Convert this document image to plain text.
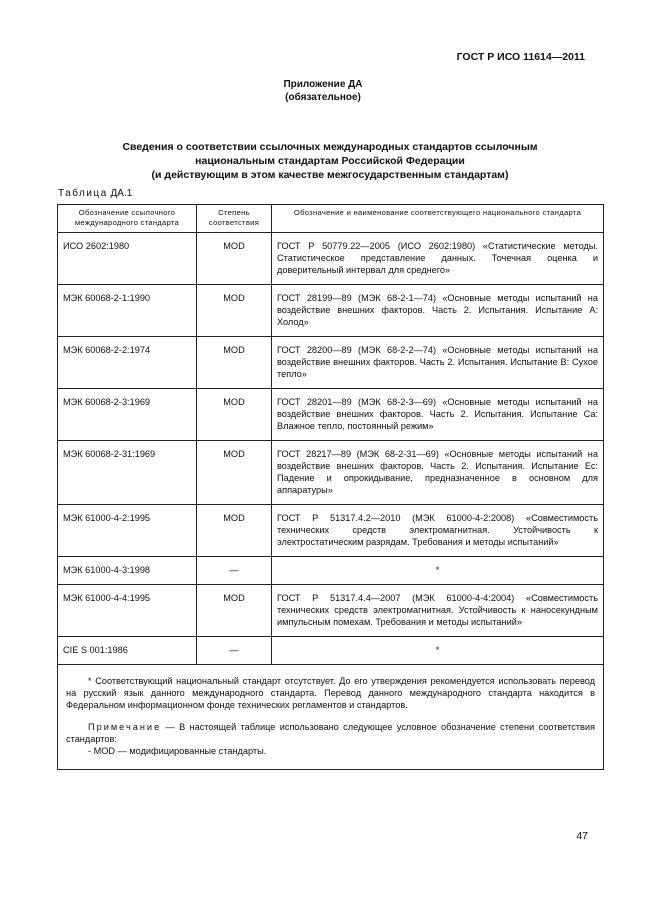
ГОСТ Р ИСО 11614—2011
Приложение ДА
(обязательное)
Сведения о соответствии ссылочных международных стандартов ссылочным
национальным стандартам Российской Федерации
(и действующим в этом качестве межгосударственным стандартам)
Таблица ДА.1
Обозначение ссылочного международного стандарта	Степень соответствия	Обозначение и наименование соответствующего национального стандарта
ИСО 2602:1980	MOD	ГОСТ Р 50779.22—2005 (ИСО 2602:1980) «Статистические методы. Статистическое представление данных. Точечная оценка и доверительный интервал для среднего»
МЭК 60068-2-1:1990	MOD	ГОСТ 28199—89 (МЭК 68-2-1—74) «Основные методы испытаний на воздействие внешних факторов. Часть 2. Испытания. Испытание А: Холод»
МЭК 60068-2-2:1974	MOD	ГОСТ 28200—89 (МЭК 68-2-2—74) «Основные методы испытаний на воздействие внешних факторов. Часть 2. Испытания. Испытание В: Сухое тепло»
МЭК 60068-2-3:1969	MOD	ГОСТ 28201—89 (МЭК 68-2-3—69) «Основные методы испытаний на воздействие внешних факторов. Часть 2. Испытания. Испытание Са: Влажное тепло, постоянный режим»
МЭК 60068-2-31:1969	MOD	ГОСТ 28217—89 (МЭК 68-2-31—69) «Основные методы испытаний на воздействие внешних факторов. Часть 2. Испытания. Испытание Ес: Падение и опрокидывание, предназначенное в основном для аппаратуры»
МЭК 61000-4-2:1995	MOD	ГОСТ Р 51317.4.2—2010 (МЭК 61000-4-2:2008) «Совместимость технических средств электромагнитная. Устойчивость к электростатическим разрядам. Требования и методы испытаний»
МЭК 61000-4-3:1998	—	*
МЭК 61000-4-4:1995	MOD	ГОСТ Р 51317.4.4—2007 (МЭК 61000-4-4:2004) «Совместимость технических средств электромагнитная. Устойчивость к наносекундным импульсным помехам. Требования и методы испытаний»
CIE S 001:1986	—	*

* Соответствующий национальный стандарт отсутствует. До его утверждения рекомендуется использовать перевод на русский язык данного международного стандарта. Перевод данного международного стандарта находится в Федеральном информационном фонде технических регламентов и стандартов.
Примечание — В настоящей таблице использовано следующее условное обозначение степени соответствия стандартов:
- MOD — модифицированные стандарты.		
47
